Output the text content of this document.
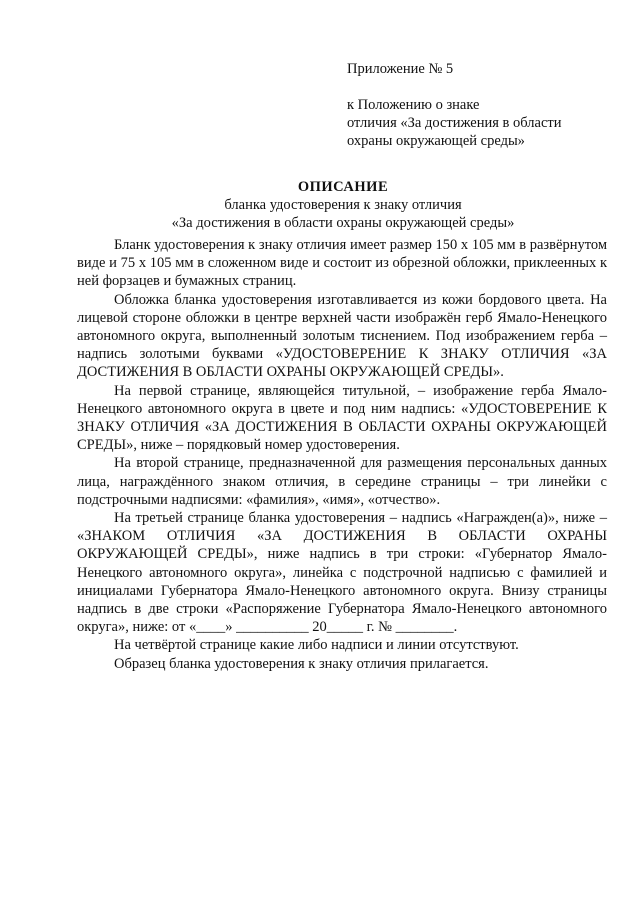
Приложение № 5
к Положению о знаке
отличия «За достижения в области
охраны окружающей среды»
ОПИСАНИЕ
бланка удостоверения к знаку отличия
«За достижения в области охраны окружающей среды»

Бланк удостоверения к знаку отличия имеет размер 150 х 105 мм в развёрнутом виде и 75 х 105 мм в сложенном виде и состоит из обрезной обложки, приклеенных к ней форзацев и бумажных страниц.

Обложка бланка удостоверения изготавливается из кожи бордового цвета. На лицевой стороне обложки в центре верхней части изображён герб Ямало-Ненецкого автономного округа, выполненный золотым тиснением. Под изображением герба – надпись золотыми буквами «УДОСТОВЕРЕНИЕ К ЗНАКУ ОТЛИЧИЯ «ЗА ДОСТИЖЕНИЯ В ОБЛАСТИ ОХРАНЫ ОКРУЖАЮЩЕЙ СРЕДЫ».

На первой странице, являющейся титульной, – изображение герба Ямало-Ненецкого автономного округа в цвете и под ним надпись: «УДОСТОВЕРЕНИЕ К ЗНАКУ ОТЛИЧИЯ «ЗА ДОСТИЖЕНИЯ В ОБЛАСТИ ОХРАНЫ ОКРУЖАЮЩЕЙ СРЕДЫ», ниже – порядковый номер удостоверения.

На второй странице, предназначенной для размещения персональных данных лица, награждённого знаком отличия, в середине страницы – три линейки с подстрочными надписями: «фамилия», «имя», «отчество».

На третьей странице бланка удостоверения – надпись «Награжден(а)», ниже – «ЗНАКОМ ОТЛИЧИЯ «ЗА ДОСТИЖЕНИЯ В ОБЛАСТИ ОХРАНЫ ОКРУЖАЮЩЕЙ СРЕДЫ», ниже надпись в три строки: «Губернатор Ямало-Ненецкого автономного округа», линейка с подстрочной надписью с фамилией и инициалами Губернатора Ямало-Ненецкого автономного округа. Внизу страницы надпись в две строки «Распоряжение Губернатора Ямало-Ненецкого автономного округа», ниже: от «____» __________ 20_____ г. № ________.

На четвёртой странице какие либо надписи и линии отсутствуют.

Образец бланка удостоверения к знаку отличия прилагается.
